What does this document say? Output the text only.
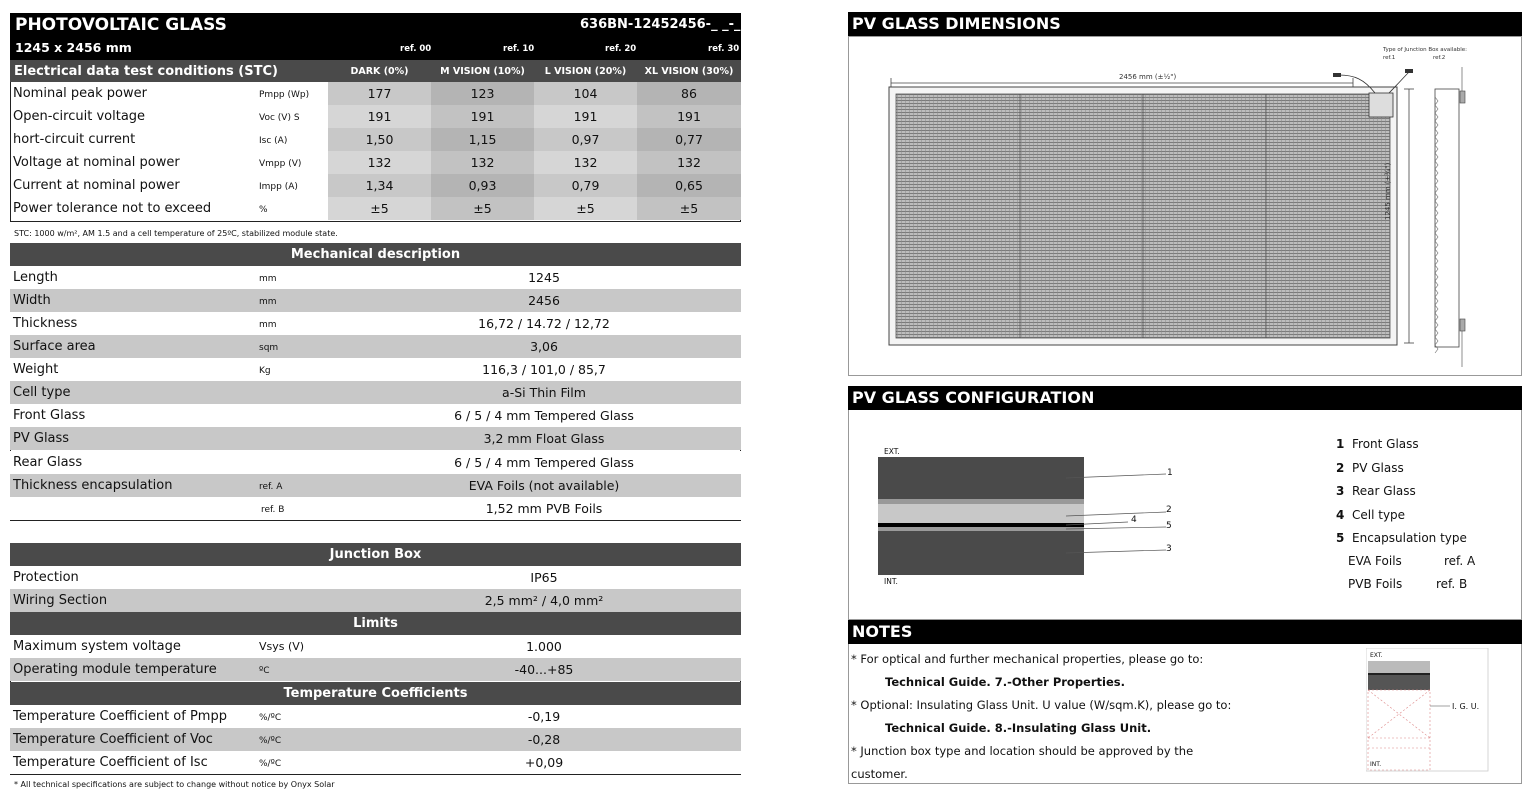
PHOTOVOLTAIC GLASS	636BN-12452456-_ _-_
1245 x 2456 mm	ref. 00	ref. 10	ref. 20	ref. 30
Electrical data test conditions (STC)	DARK (0%)	M VISION (10%)	L VISION (20%)	XL VISION (30%)
Nominal peak power	Pmpp (Wp)	177	123	104	86
Open-circuit voltage	Voc (V) S	191	191	191	191
hort-circuit current	Isc (A)	1,50	1,15	0,97	0,77
Voltage at nominal power	Vmpp (V)	132	132	132	132
Current at nominal power	Impp (A)	1,34	0,93	0,79	0,65
Power tolerance not to exceed	%	±5	±5	±5	±5
STC: 1000 w/m², AM 1.5 and a cell temperature of 25ºC, stabilized module state.
Mechanical description
Length	mm	1245
Width	mm	2456
Thickness	mm	16,72 / 14.72 / 12,72
Surface area	sqm	3,06
Weight	Kg	116,3 / 101,0 / 85,7
Cell type	a-Si Thin Film
Front Glass	6 / 5 / 4 mm Tempered Glass
PV Glass	3,2 mm Float Glass
Rear Glass	6 / 5 / 4 mm Tempered Glass
Thickness encapsulation	ref. A	EVA Foils (not available)
ref. B	1,52 mm PVB Foils
Junction Box
Protection	IP65
Wiring Section	2,5 mm² / 4,0 mm²
Limits
Maximum system voltage	Vsys (V)	1.000
Operating module temperature	ºC	-40...+85
Temperature Coefficients
Temperature Coefficient of Pmpp	%/ºC	-0,19
Temperature Coefficient of Voc	%/ºC	-0,28
Temperature Coefficient of Isc	%/ºC	+0,09
* All technical specifications are subject to change without notice by Onyx Solar
PV GLASS DIMENSIONS
2456 mm (±½")
1245 mm (±¾")
Type of Junction Box available:
ref.1	ref.2
PV GLASS CONFIGURATION
EXT.
INT.
1
2
4
5
3
1 Front Glass
2 PV Glass
3 Rear Glass
4 Cell type
5 Encapsulation type
EVA Foils	ref. A
PVB Foils	ref. B
NOTES
* For optical and further mechanical properties, please go to:
Technical Guide. 7.-Other Properties.
* Optional: Insulating Glass Unit. U value (W/sqm.K), please go to:
Technical Guide. 8.-Insulating Glass Unit.
* Junction box type and location should be approved by the
customer.
EXT.
INT.
I. G. U.
